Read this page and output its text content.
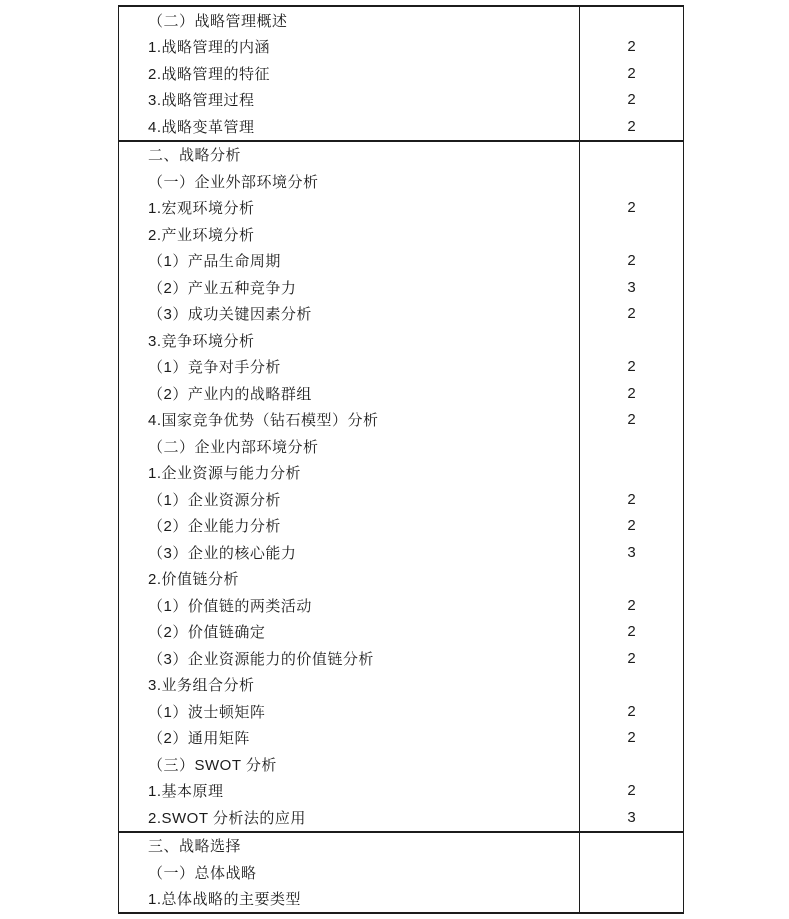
（二）战略管理概述
1.战略管理的内涵	2
2.战略管理的特征	2
3.战略管理过程	2
4.战略变革管理	2
二、战略分析
（一）企业外部环境分析
1.宏观环境分析	2
2.产业环境分析
（1）产品生命周期	2
（2）产业五种竞争力	3
（3）成功关键因素分析	2
3.竞争环境分析
（1）竞争对手分析	2
（2）产业内的战略群组	2
4.国家竞争优势（钻石模型）分析	2
（二）企业内部环境分析
1.企业资源与能力分析
（1）企业资源分析	2
（2）企业能力分析	2
（3）企业的核心能力	3
2.价值链分析
（1）价值链的两类活动	2
（2）价值链确定	2
（3）企业资源能力的价值链分析	2
3.业务组合分析
（1）波士顿矩阵	2
（2）通用矩阵	2
（三）SWOT 分析
1.基本原理	2
2.SWOT 分析法的应用	3
三、战略选择
（一）总体战略
1.总体战略的主要类型
